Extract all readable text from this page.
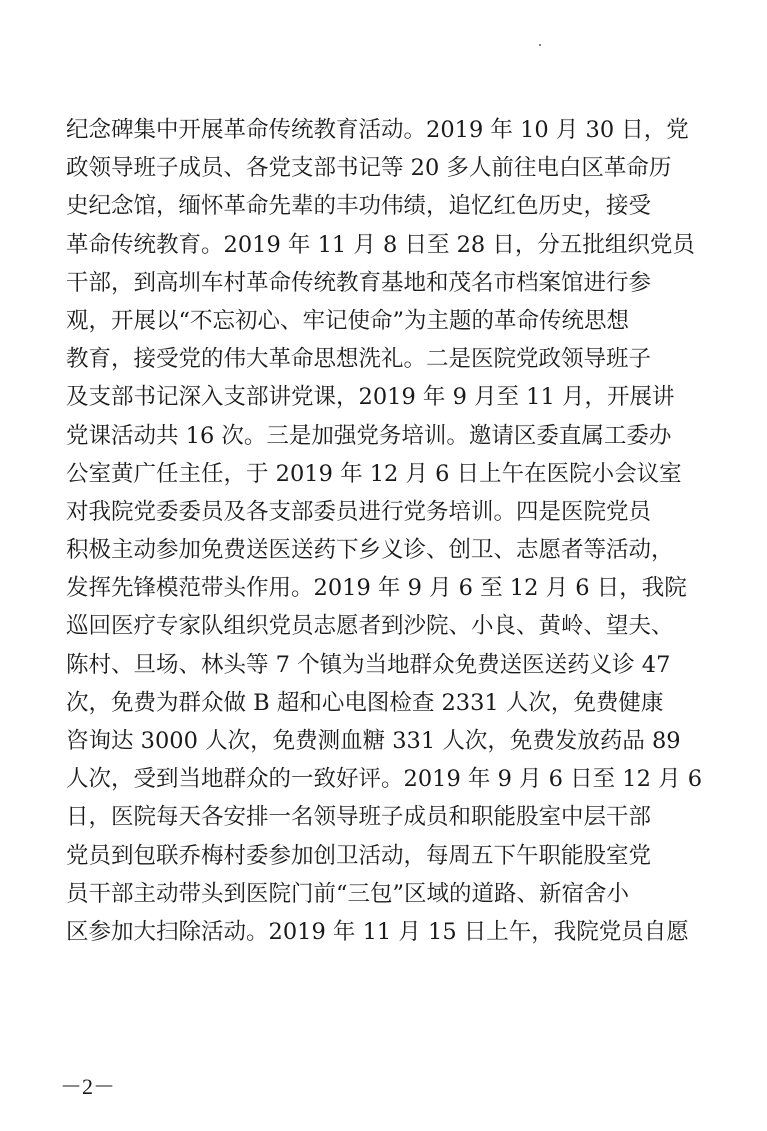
纪念碑集中开展革命传统教育活动。2019 年 10 月 30 日，党
政领导班子成员、各党支部书记等 20 多人前往电白区革命历
史纪念馆，缅怀革命先辈的丰功伟绩，追忆红色历史，接受
革命传统教育。2019 年 11 月 8 日至 28 日，分五批组织党员
干部，到高圳车村革命传统教育基地和茂名市档案馆进行参
观，开展以“不忘初心、牢记使命”为主题的革命传统思想
教育，接受党的伟大革命思想洗礼。二是医院党政领导班子
及支部书记深入支部讲党课，2019 年 9 月至 11 月，开展讲
党课活动共 16 次。三是加强党务培训。邀请区委直属工委办
公室黄广任主任，于 2019 年 12 月 6 日上午在医院小会议室
对我院党委委员及各支部委员进行党务培训。四是医院党员
积极主动参加免费送医送药下乡义诊、创卫、志愿者等活动，
发挥先锋模范带头作用。2019 年 9 月 6 至 12 月 6 日，我院
巡回医疗专家队组织党员志愿者到沙院、小良、黄岭、望夫、
陈村、旦场、林头等 7 个镇为当地群众免费送医送药义诊 47
次，免费为群众做 B 超和心电图检查 2331 人次，免费健康
咨询达 3000 人次，免费测血糖 331 人次，免费发放药品 89
人次，受到当地群众的一致好评。2019 年 9 月 6 日至 12 月 6
日，医院每天各安排一名领导班子成员和职能股室中层干部
党员到包联乔梅村委参加创卫活动，每周五下午职能股室党
员干部主动带头到医院门前“三包”区域的道路、新宿舍小
区参加大扫除活动。2019 年 11 月 15 日上午，我院党员自愿
－2－
